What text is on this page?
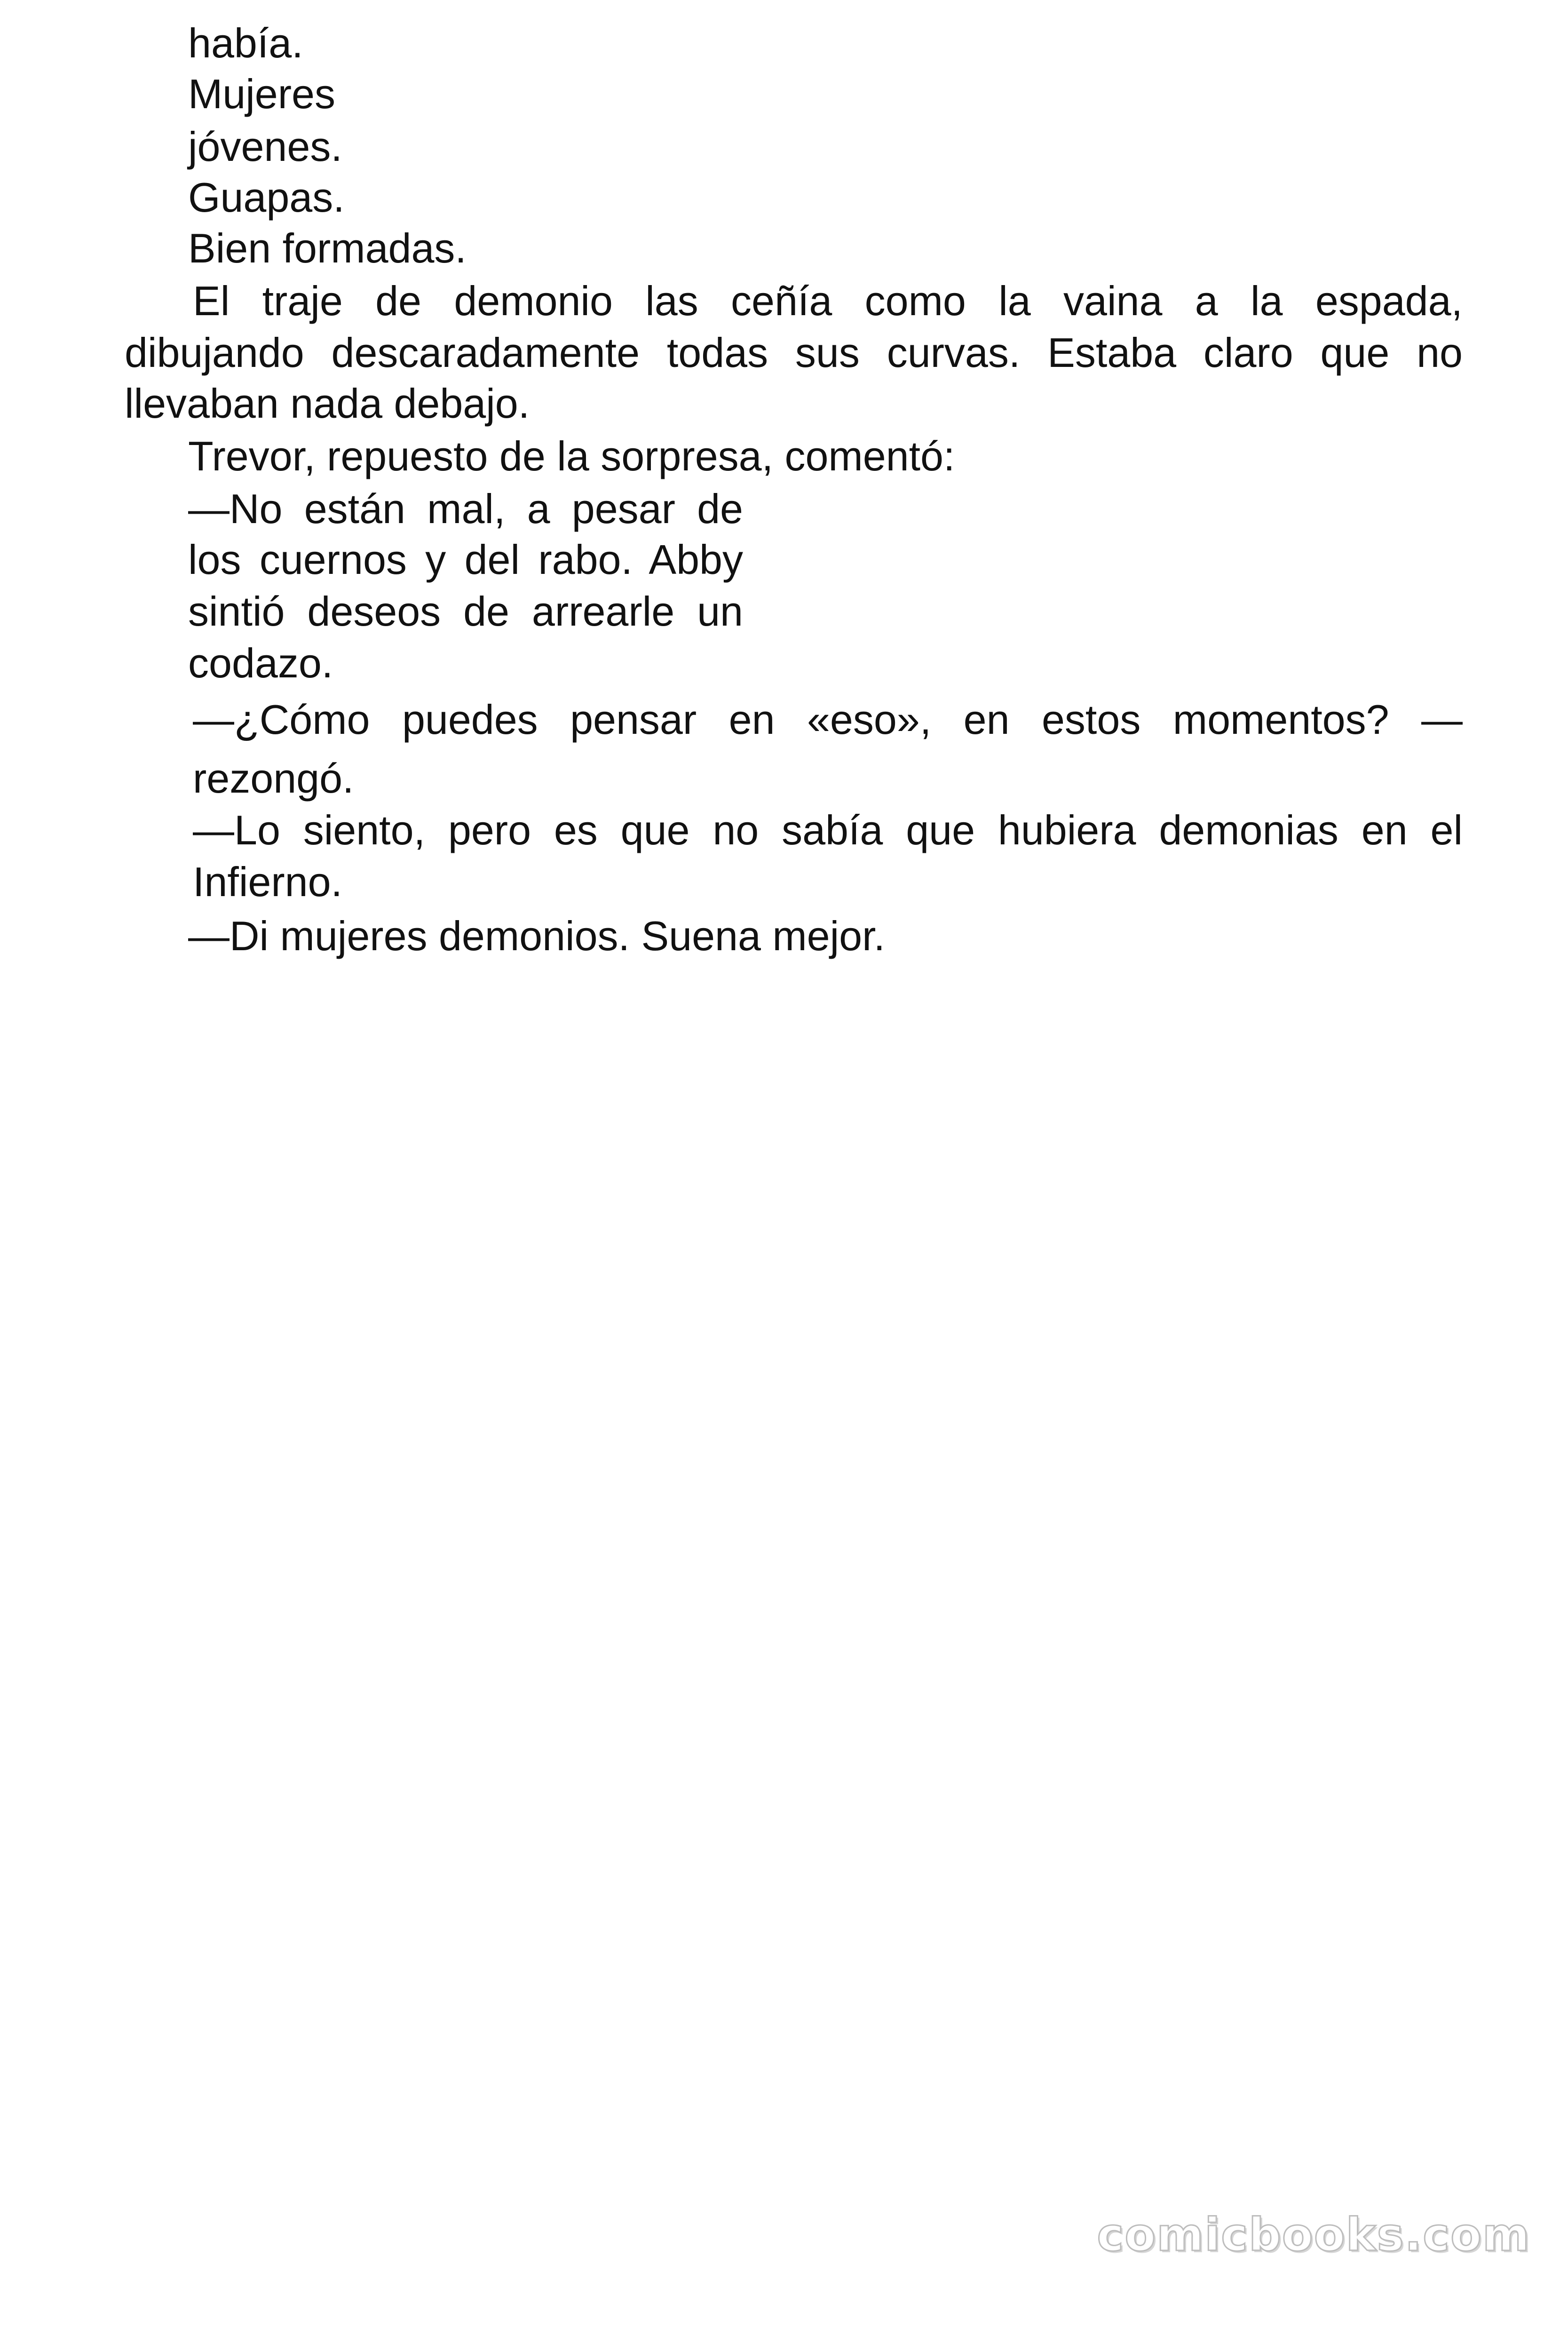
había.
Mujeres
jóvenes.
Guapas.
Bien formadas.
El traje de demonio las ceñía como la vaina a la espada,
dibujando descaradamente todas sus curvas. Estaba claro que no
llevaban nada debajo.
Trevor, repuesto de la sorpresa, comentó:
—No están mal, a pesar de
los cuernos y del rabo. Abby
sintió deseos de arrearle un
codazo.
—¿Cómo puedes pensar en «eso», en estos momentos? —
rezongó.
—Lo siento, pero es que no sabía que hubiera demonias en el
Infierno.
—Di mujeres demonios. Suena mejor.
comicbooks.com
